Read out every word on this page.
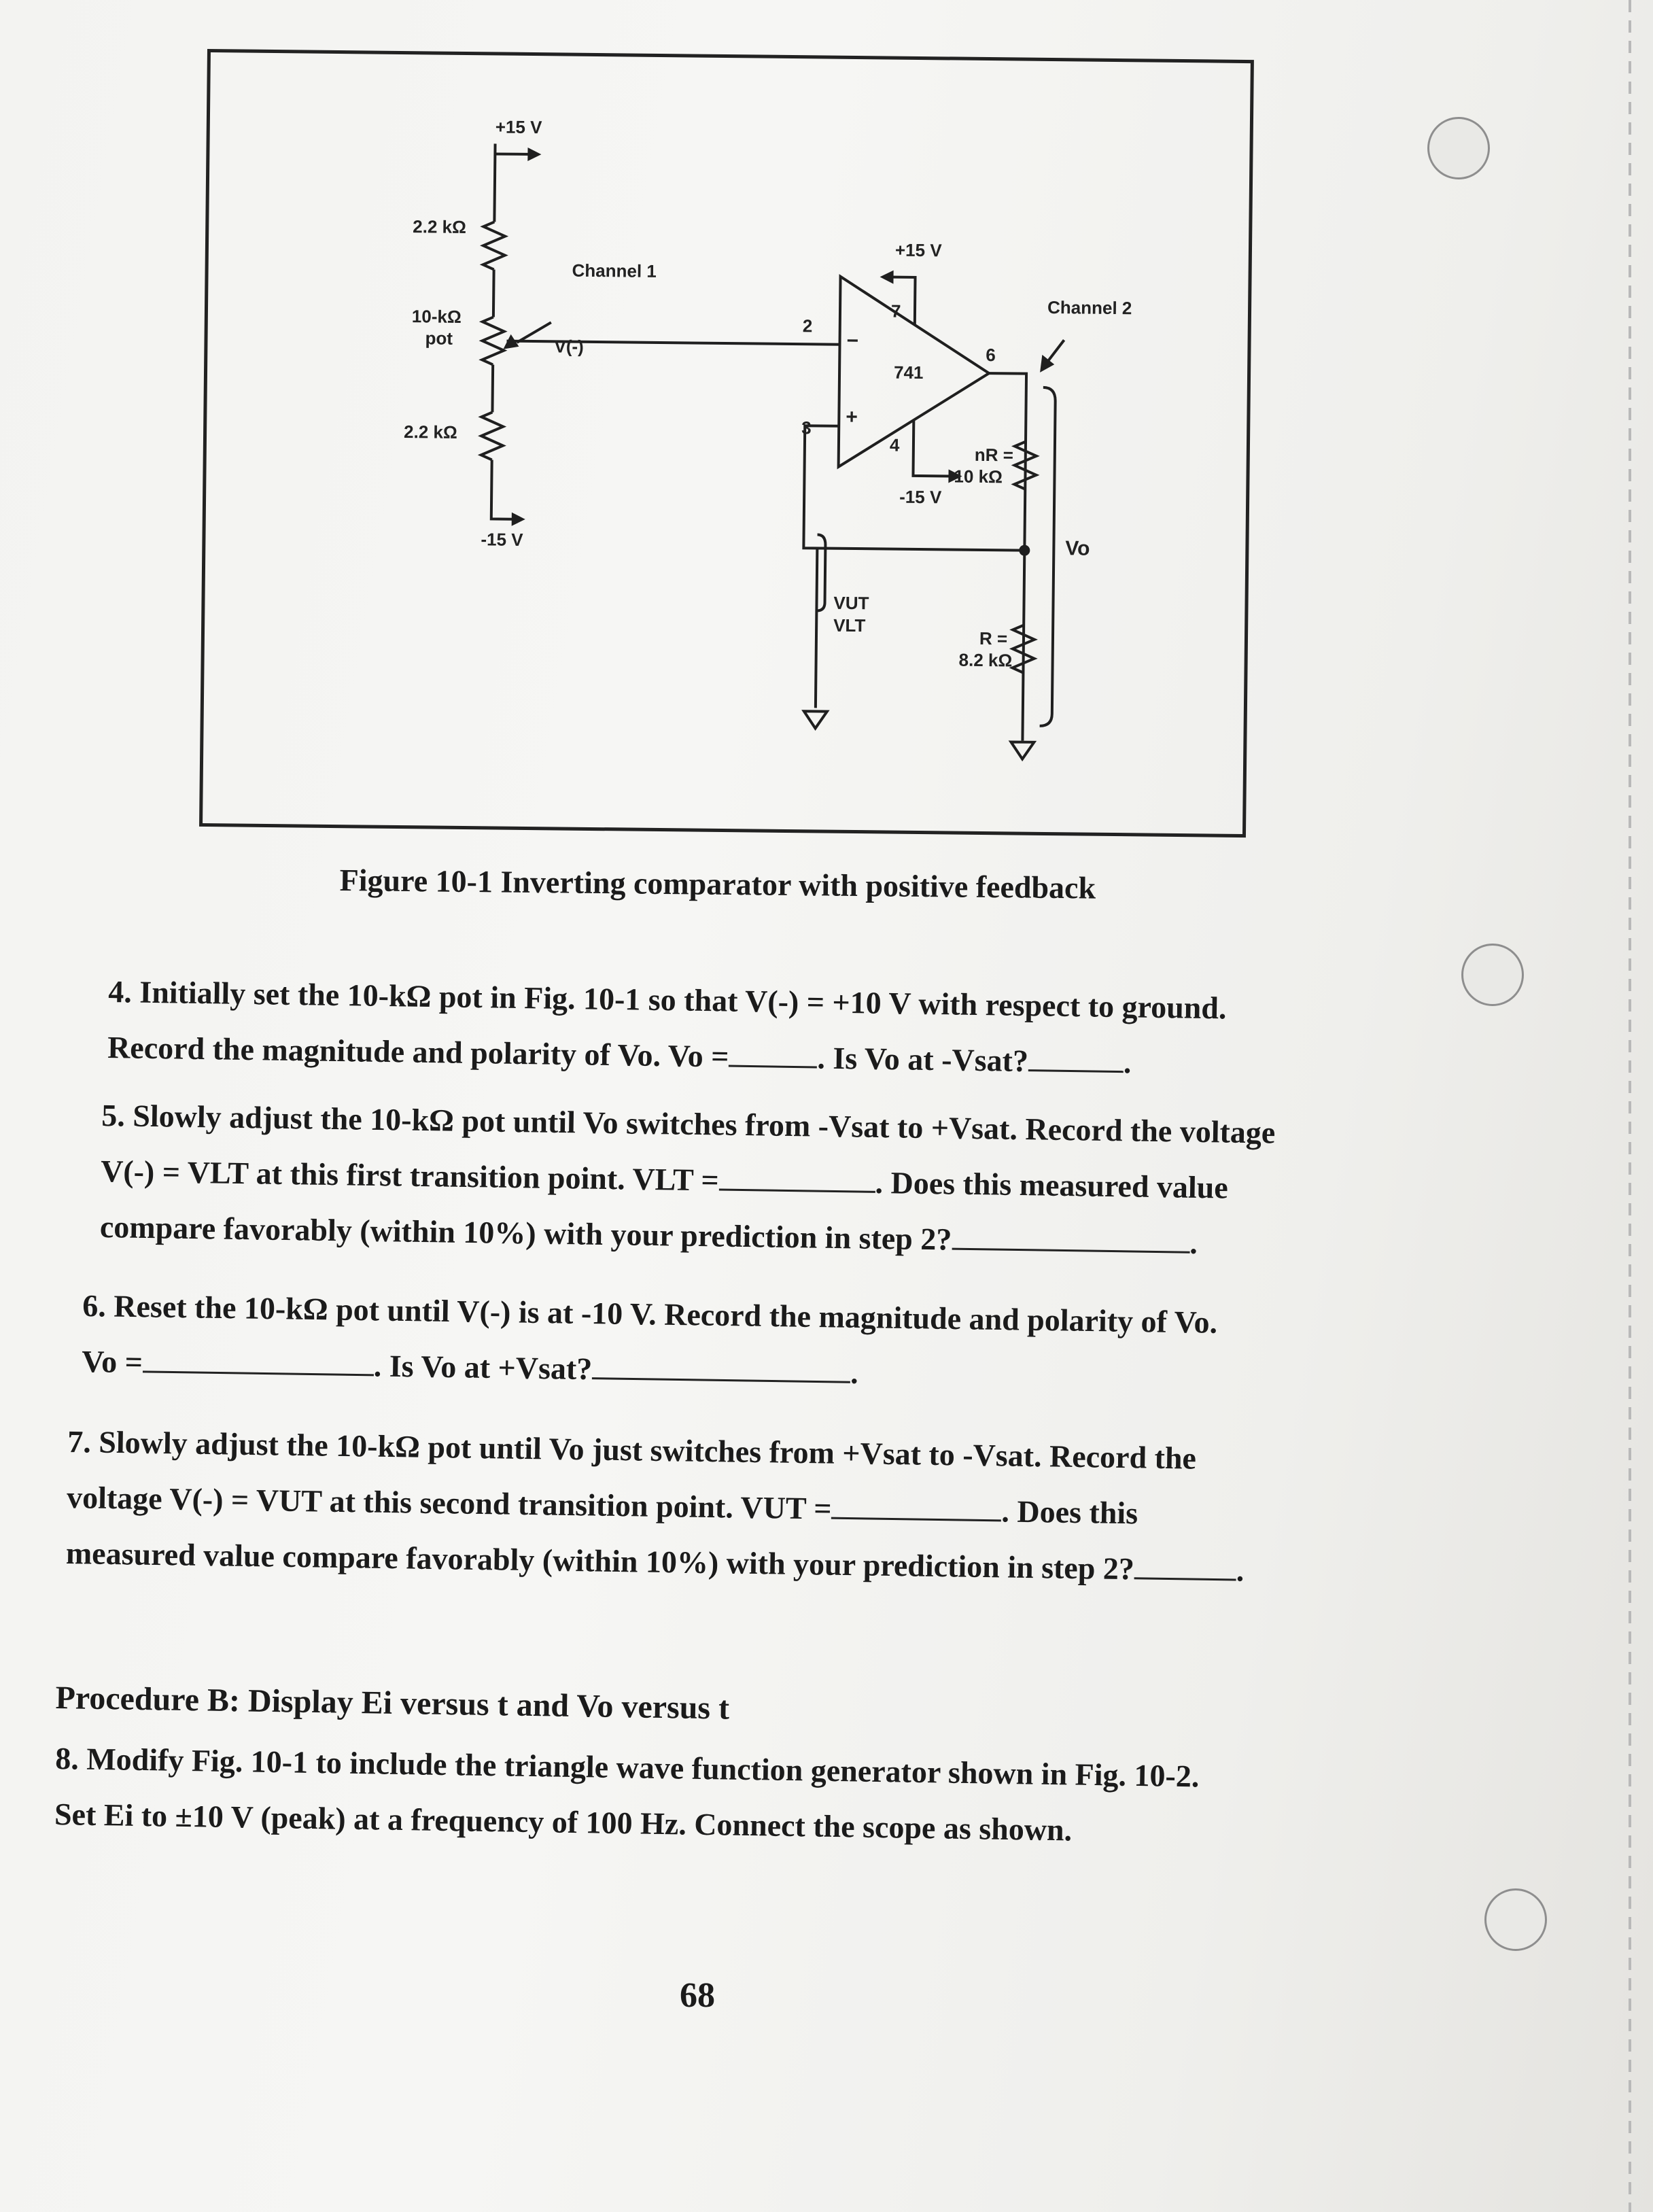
+15 V
2.2 kΩ
10-kΩ
pot
2.2 kΩ
-15 V
Channel 1
V(-)
2
3
7
4
6
741
−
+
+15 V
-15 V
Channel 2
nR =
10 kΩ
R =
8.2 kΩ
Vo
VUT
VLT
Figure 10-1 Inverting comparator with positive feedback

4. Initially set the 10-kΩ pot in Fig. 10-1 so that V(-) = +10 V with respect to ground.

Record the magnitude and polarity of Vo. Vo =	. Is Vo at -Vsat?	.

5. Slowly adjust the 10-kΩ pot until Vo switches from -Vsat to +Vsat. Record the voltage

V(-) = VLT at this first transition point. VLT =	. Does this measured value

compare favorably (within 10%) with your prediction in step 2?	.

6. Reset the 10-kΩ pot until V(-) is at -10 V. Record the magnitude and polarity of Vo.

Vo =	. Is Vo at +Vsat?	.

7. Slowly adjust the 10-kΩ pot until Vo just switches from +Vsat to -Vsat. Record the

voltage V(-) = VUT at this second transition point. VUT =	. Does this

measured value compare favorably (within 10%) with your prediction in step 2?	.

Procedure B: Display Ei versus t and Vo versus t

8. Modify Fig. 10-1 to include the triangle wave function generator shown in Fig. 10-2.

Set Ei to ±10 V (peak) at a frequency of 100 Hz. Connect the scope as shown.

68
